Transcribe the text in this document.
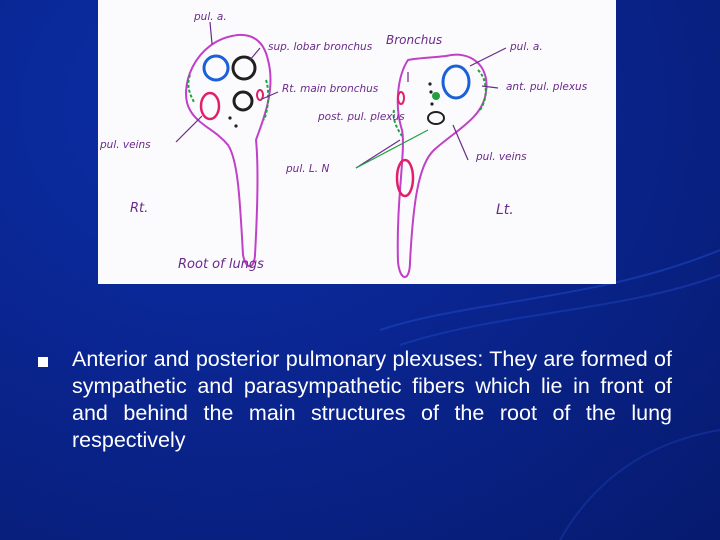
pul. a.
sup. lobar bronchus
Rt. main bronchus
post. pul. plexus
pul. veins
pul. L. N
Rt.
Root of lungs
Bronchus	pul. a.
ant. pul. plexus
pul. veins
Lt.
Anterior and posterior pulmonary plexuses: They are formed of sympathetic and parasympathetic fibers which lie in front of and behind the main structures of the root of the lung respectively
